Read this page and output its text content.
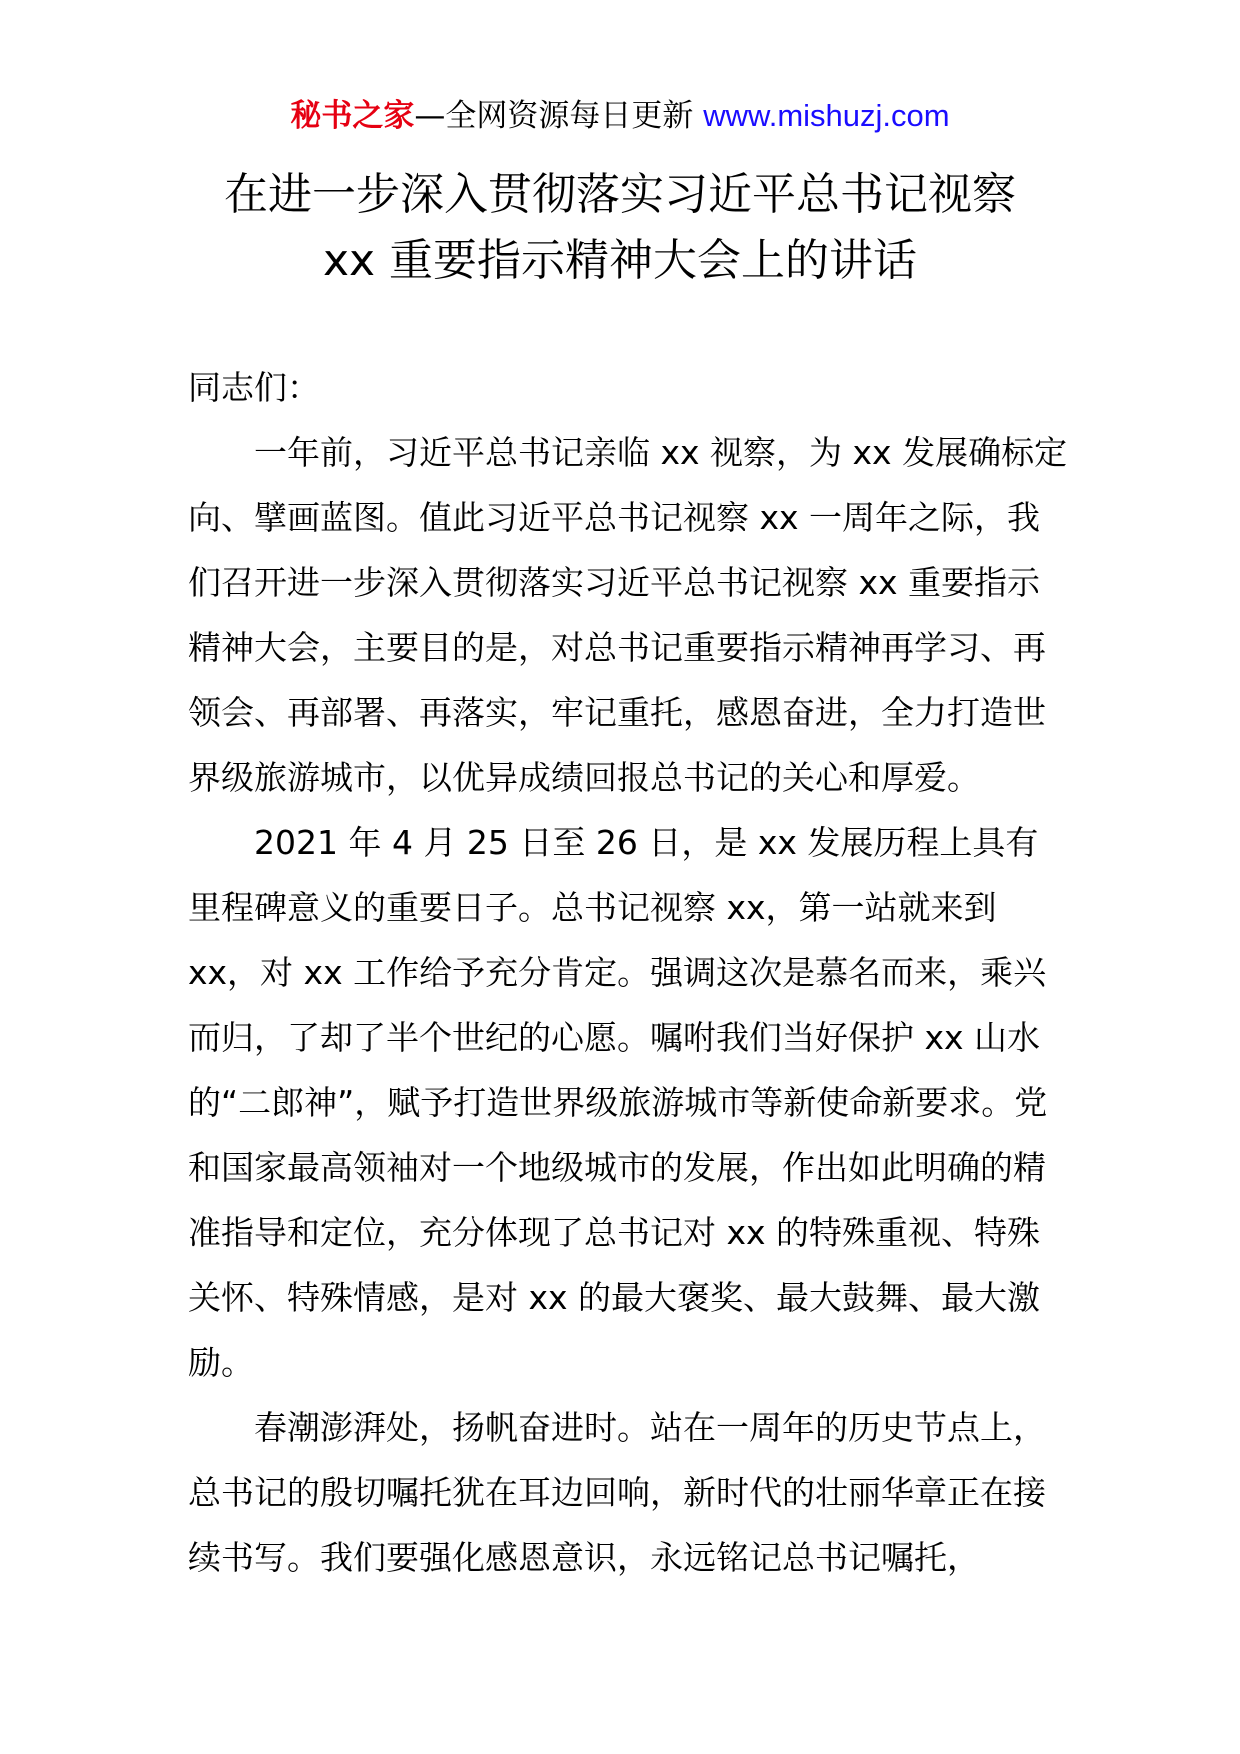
秘书之家—全网资源每日更新 www.mishuzj.com
在进一步深入贯彻落实习近平总书记视察
xx 重要指示精神大会上的讲话

同志们：

一年前，习近平总书记亲临 xx 视察，为 xx 发展确标定向、擘画蓝图。值此习近平总书记视察 xx 一周年之际，我们召开进一步深入贯彻落实习近平总书记视察 xx 重要指示精神大会，主要目的是，对总书记重要指示精神再学习、再领会、再部署、再落实，牢记重托，感恩奋进，全力打造世界级旅游城市，以优异成绩回报总书记的关心和厚爱。

2021 年 4 月 25 日至 26 日，是 xx 发展历程上具有里程碑意义的重要日子。总书记视察 xx，第一站就来到 xx，对 xx 工作给予充分肯定。强调这次是慕名而来，乘兴而归，了却了半个世纪的心愿。嘱咐我们当好保护 xx 山水的“二郎神”，赋予打造世界级旅游城市等新使命新要求。党和国家最高领袖对一个地级城市的发展，作出如此明确的精准指导和定位，充分体现了总书记对 xx 的特殊重视、特殊关怀、特殊情感，是对 xx 的最大褒奖、最大鼓舞、最大激励。

春潮澎湃处，扬帆奋进时。站在一周年的历史节点上，总书记的殷切嘱托犹在耳边回响，新时代的壮丽华章正在接续书写。我们要强化感恩意识，永远铭记总书记嘱托，
